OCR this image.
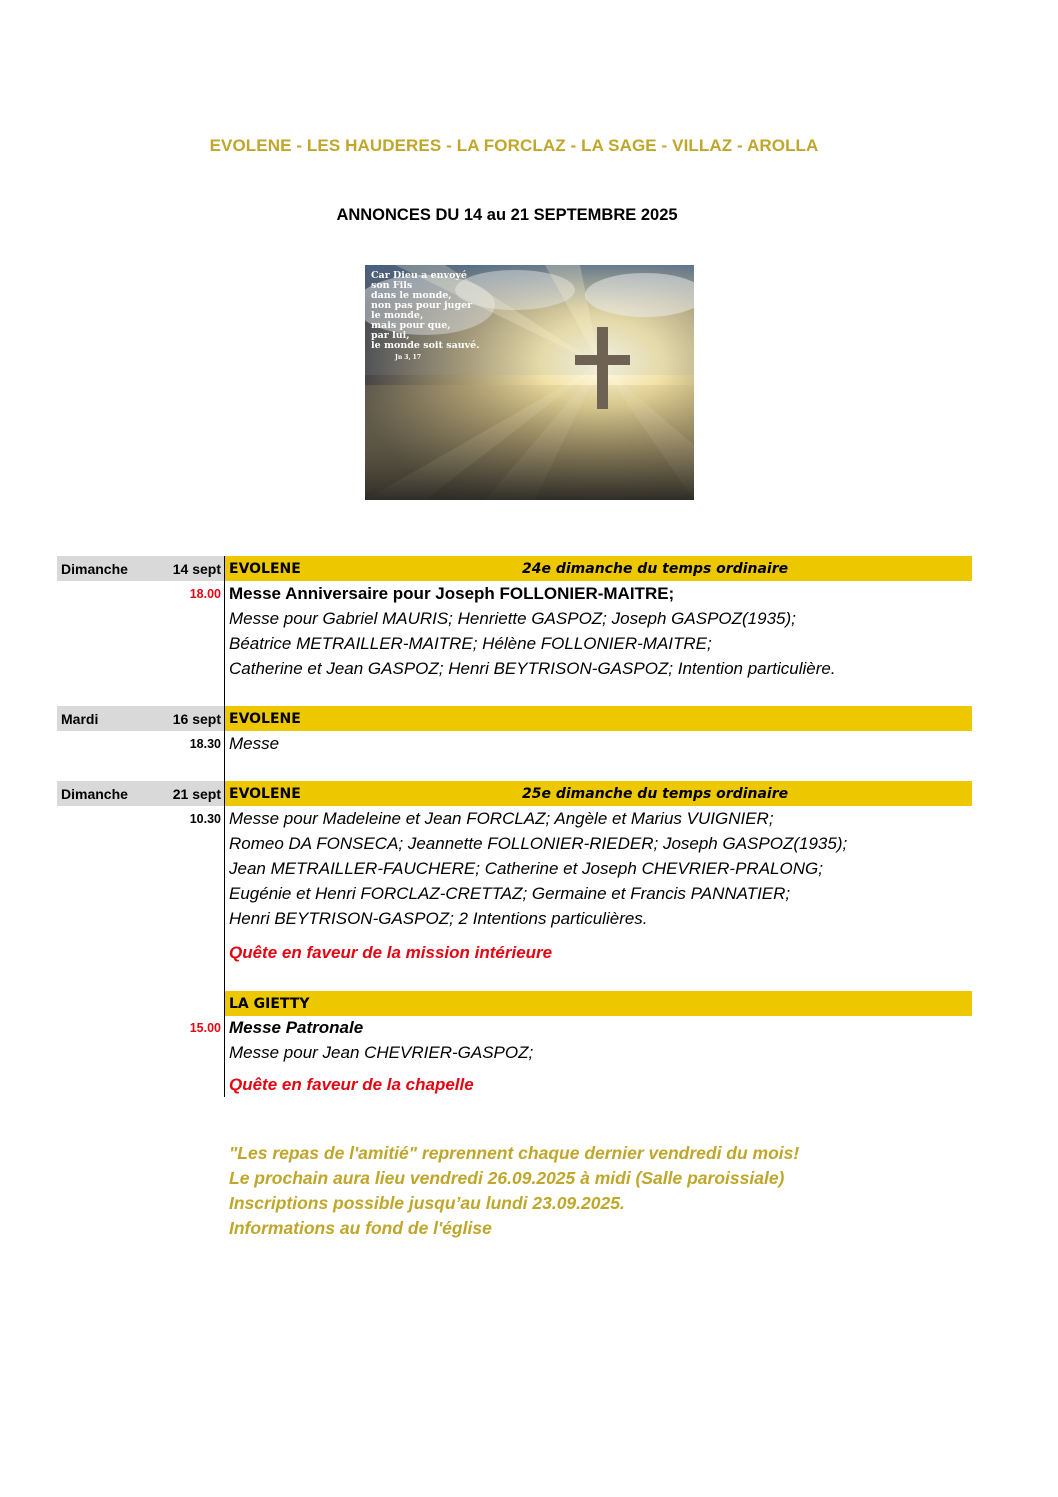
EVOLENE - LES HAUDERES - LA FORCLAZ - LA SAGE - VILLAZ - AROLLA
ANNONCES DU 14 au 21 SEPTEMBRE 2025
Car Dieu a envoyé
son Fils
dans le monde,
non pas pour juger
le monde,
mais pour que,
par lui,
le monde soit sauvé.
Jn 3, 17
Dimanche	14 sept EVOLENE	24e dimanche du temps ordinaire
18.00 Messe Anniversaire pour Joseph FOLLONIER-MAITRE;
Messe pour Gabriel MAURIS; Henriette GASPOZ; Joseph GASPOZ(1935);
Béatrice METRAILLER-MAITRE; Hélène FOLLONIER-MAITRE;
Catherine et Jean GASPOZ; Henri BEYTRISON-GASPOZ; Intention particulière.
Mardi	16 sept EVOLENE
18.30 Messe
Dimanche	21 sept EVOLENE	25e dimanche du temps ordinaire
10.30 Messe pour Madeleine et Jean FORCLAZ; Angèle et Marius VUIGNIER;
Romeo DA FONSECA; Jeannette FOLLONIER-RIEDER; Joseph GASPOZ(1935);
Jean METRAILLER-FAUCHERE; Catherine et Joseph CHEVRIER-PRALONG;
Eugénie et Henri FORCLAZ-CRETTAZ; Germaine et Francis PANNATIER;
Henri BEYTRISON-GASPOZ; 2 Intentions particulières.
Quête en faveur de la mission intérieure
LA GIETTY
15.00 Messe Patronale
Messe pour Jean CHEVRIER-GASPOZ;
Quête en faveur de la chapelle
"Les repas de l'amitié" reprennent chaque dernier vendredi du mois!
Le prochain aura lieu vendredi 26.09.2025 à midi (Salle paroissiale)
Inscriptions possible jusqu’au lundi 23.09.2025.
Informations au fond de l'église
